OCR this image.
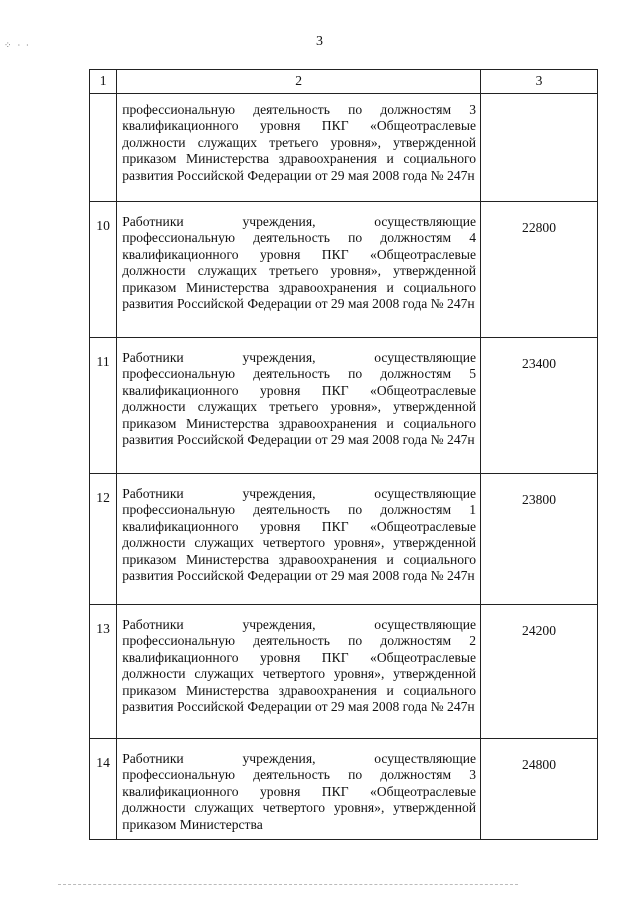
⁘ ∙ ∙	3
1	2	3

	профессиональную деятельность по должностям 3 квалификационного уровня ПКГ «Общеотраслевые должности служащих третьего уровня», утвержденной приказом Министерства здравоохранения и социального развития Российской Федерации от 29 мая 2008 года № 247н	

10	Работники учреждения, осуществляющие профессиональную деятельность по должностям 4 квалификационного уровня ПКГ «Общеотраслевые должности служащих третьего уровня», утвержденной приказом Министерства здравоохранения и социального развития Российской Федерации от 29 мая 2008 года № 247н	22800
11	Работники учреждения, осуществляющие профессиональную деятельность по должностям 5 квалификационного уровня ПКГ «Общеотраслевые должности служащих третьего уровня», утвержденной приказом Министерства здравоохранения и социального развития Российской Федерации от 29 мая 2008 года № 247н	23400
12	Работники учреждения, осуществляющие профессиональную деятельность по должностям 1 квалификационного уровня ПКГ «Общеотраслевые должности служащих четвертого уровня», утвержденной приказом Министерства здравоохранения и социального развития Российской Федерации от 29 мая 2008 года № 247н	23800
13	Работники учреждения, осуществляющие профессиональную деятельность по должностям 2 квалификационного уровня ПКГ «Общеотраслевые должности служащих четвертого уровня», утвержденной приказом Министерства здравоохранения и социального развития Российской Федерации от 29 мая 2008 года № 247н	24200
14	Работники учреждения, осуществляющие профессиональную деятельность по должностям 3 квалификационного уровня ПКГ «Общеотраслевые должности служащих четвертого уровня», утвержденной приказом Министерства	24800
